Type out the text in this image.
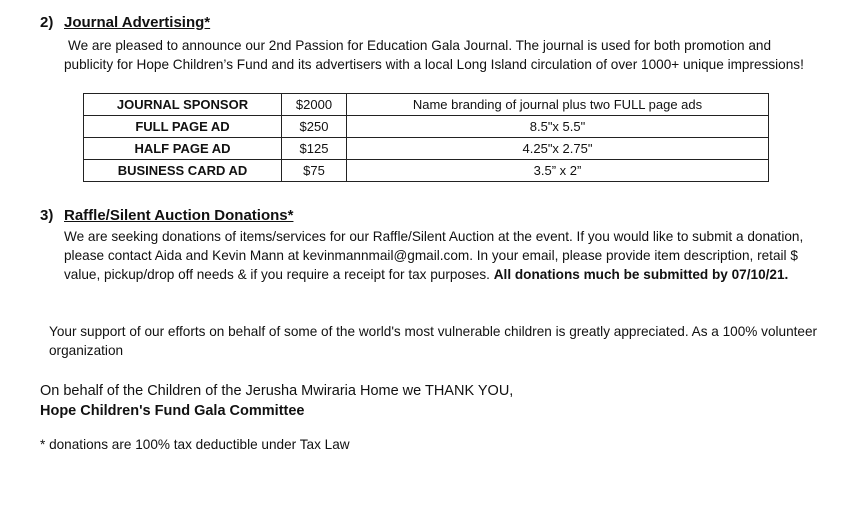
2) Journal Advertising*
We are pleased to announce our 2nd Passion for Education Gala Journal. The journal is used for both promotion and publicity for Hope Children’s Fund and its advertisers with a local Long Island circulation of over 1000+ unique impressions!
JOURNAL SPONSOR	$2000	Name branding of journal plus two FULL page ads
FULL PAGE AD	$250	8.5"x 5.5"
HALF PAGE AD	$125	4.25"x 2.75"
BUSINESS CARD AD	$75	3.5” x 2”
3) Raffle/Silent Auction Donations*
We are seeking donations of items/services for our Raffle/Silent Auction at the event. If you would like to submit a donation, please contact Aida and Kevin Mann at kevinmannmail@gmail.com. In your email, please provide item description, retail $ value, pickup/drop off needs & if you require a receipt for tax purposes. All donations much be submitted by 07/10/21.
Your support of our efforts on behalf of some of the world's most vulnerable children is greatly appreciated. As a 100% volunteer organization
On behalf of the Children of the Jerusha Mwiraria Home we THANK YOU,
Hope Children's Fund Gala Committee
* donations are 100% tax deductible under Tax Law
